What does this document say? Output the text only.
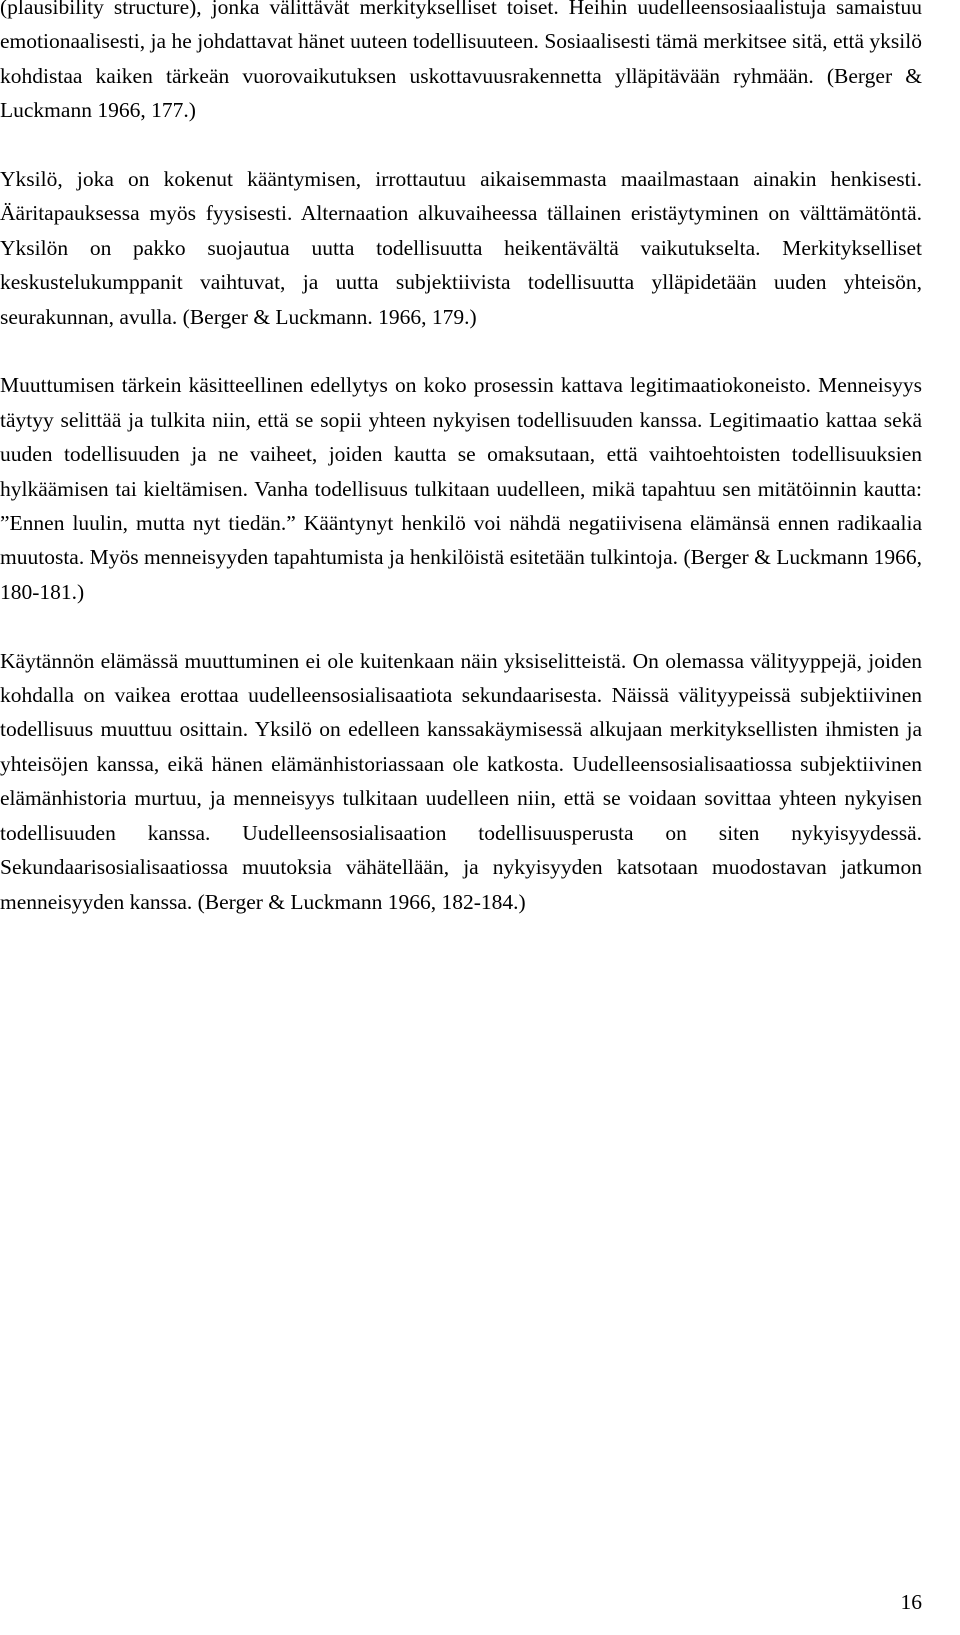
(plausibility structure), jonka välittävät merkitykselliset toiset. Heihin uudelleensosiaalistuja samaistuu emotionaalisesti, ja he johdattavat hänet uuteen todellisuuteen. Sosiaalisesti tämä merkitsee sitä, että yksilö kohdistaa kaiken tärkeän vuorovaikutuksen uskottavuusrakennetta ylläpitävään ryhmään. (Berger & Luckmann 1966, 177.)

Yksilö, joka on kokenut kääntymisen, irrottautuu aikaisemmasta maailmastaan ainakin henkisesti. Ääritapauksessa myös fyysisesti. Alternaation alkuvaiheessa tällainen eristäytyminen on välttämätöntä. Yksilön on pakko suojautua uutta todellisuutta heikentävältä vaikutukselta. Merkitykselliset keskustelukumppanit vaihtuvat, ja uutta subjektiivista todellisuutta ylläpidetään uuden yhteisön, seurakunnan, avulla. (Berger & Luckmann. 1966, 179.)

Muuttumisen tärkein käsitteellinen edellytys on koko prosessin kattava legitimaatiokoneisto. Menneisyys täytyy selittää ja tulkita niin, että se sopii yhteen nykyisen todellisuuden kanssa. Legitimaatio kattaa sekä uuden todellisuuden ja ne vaiheet, joiden kautta se omaksutaan, että vaihtoehtoisten todellisuuksien hylkäämisen tai kieltämisen. Vanha todellisuus tulkitaan uudelleen, mikä tapahtuu sen mitätöinnin kautta: ”Ennen luulin, mutta nyt tiedän.” Kääntynyt henkilö voi nähdä negatiivisena elämänsä ennen radikaalia muutosta. Myös menneisyyden tapahtumista ja henkilöistä esitetään tulkintoja. (Berger & Luckmann 1966, 180-181.)

Käytännön elämässä muuttuminen ei ole kuitenkaan näin yksiselitteistä. On olemassa välityyppejä, joiden kohdalla on vaikea erottaa uudelleensosialisaatiota sekundaarisesta. Näissä välityypeissä subjektiivinen todellisuus muuttuu osittain. Yksilö on edelleen kanssakäymisessä alkujaan merkityksellisten ihmisten ja yhteisöjen kanssa, eikä hänen elämänhistoriassaan ole katkosta. Uudelleensosialisaatiossa subjektiivinen elämänhistoria murtuu, ja menneisyys tulkitaan uudelleen niin, että se voidaan sovittaa yhteen nykyisen todellisuuden kanssa. Uudelleensosialisaation todellisuusperusta on siten nykyisyydessä. Sekundaarisosialisaatiossa muutoksia vähätellään, ja nykyisyyden katsotaan muodostavan jatkumon menneisyyden kanssa. (Berger & Luckmann 1966, 182-184.)

16
